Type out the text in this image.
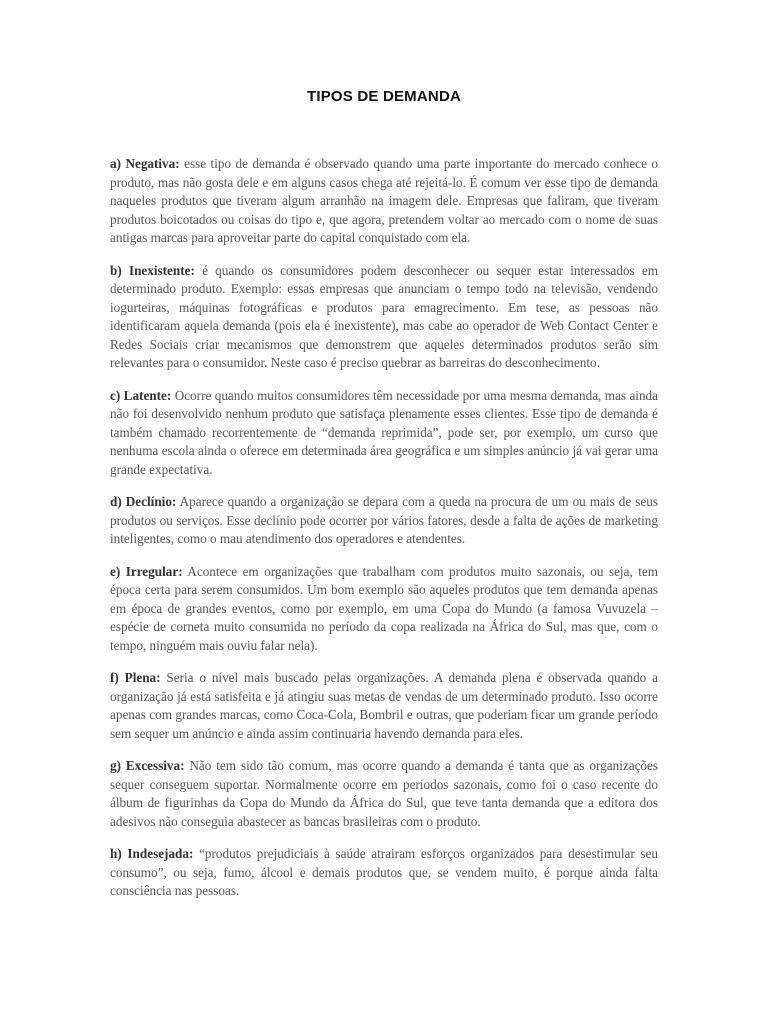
TIPOS DE DEMANDA

a) Negativa: esse tipo de demanda é observado quando uma parte importante do mercado conhece o produto, mas não gosta dele e em alguns casos chega até rejeitá-lo. É comum ver esse tipo de demanda naqueles produtos que tiveram algum arranhão na imagem dele. Empresas que faliram, que tiveram produtos boicotados ou coisas do tipo e, que agora, pretendem voltar ao mercado com o nome de suas antigas marcas para aproveitar parte do capital conquistado com ela.

b) Inexistente: é quando os consumidores podem desconhecer ou sequer estar interessados em determinado produto. Exemplo: essas empresas que anunciam o tempo todo na televisão, vendendo iogurteiras, máquinas fotográficas e produtos para emagrecimento. Em tese, as pessoas não identificaram aquela demanda (pois ela é inexistente), mas cabe ao operador de Web Contact Center e Redes Sociais criar mecanismos que demonstrem que aqueles determinados produtos serão sim relevantes para o consumidor. Neste caso é preciso quebrar as barreiras do desconhecimento.

c) Latente: Ocorre quando muitos consumidores têm necessidade por uma mesma demanda, mas ainda não foi desenvolvido nenhum produto que satisfaça plenamente esses clientes. Esse tipo de demanda é também chamado recorrentemente de “demanda reprimida”, pode ser, por exemplo, um curso que nenhuma escola ainda o oferece em determinada área geográfica e um simples anúncio já vai gerar uma grande expectativa.

d) Declínio: Aparece quando a organização se depara com a queda na procura de um ou mais de seus produtos ou serviços. Esse declínio pode ocorrer por vários fatores, desde a falta de ações de marketing inteligentes, como o mau atendimento dos operadores e atendentes.

e) Irregular: Acontece em organizações que trabalham com produtos muito sazonais, ou seja, tem época certa para serem consumidos. Um bom exemplo são aqueles produtos que tem demanda apenas em época de grandes eventos, como por exemplo, em uma Copa do Mundo (a famosa Vuvuzela – espécie de corneta muito consumida no período da copa realizada na África do Sul, mas que, com o tempo, ninguém mais ouviu falar nela).

f) Plena: Seria o nível mais buscado pelas organizações. A demanda plena é observada quando a organização já está satisfeita e já atingiu suas metas de vendas de um determinado produto. Isso ocorre apenas com grandes marcas, como Coca-Cola, Bombril e outras, que poderiam ficar um grande período sem sequer um anúncio e ainda assim continuaria havendo demanda para eles.

g) Excessiva: Não tem sido tão comum, mas ocorre quando a demanda é tanta que as organizações sequer conseguem suportar. Normalmente ocorre em períodos sazonais, como foi o caso recente do álbum de figurinhas da Copa do Mundo da África do Sul, que teve tanta demanda que a editora dos adesivos não conseguia abastecer as bancas brasileiras com o produto.

h) Indesejada: “produtos prejudiciais à saúde atrairam esforços organizados para desestimular seu consumo”, ou seja, fumo, álcool e demais produtos que, se vendem muito, é porque ainda falta consciência nas pessoas.
